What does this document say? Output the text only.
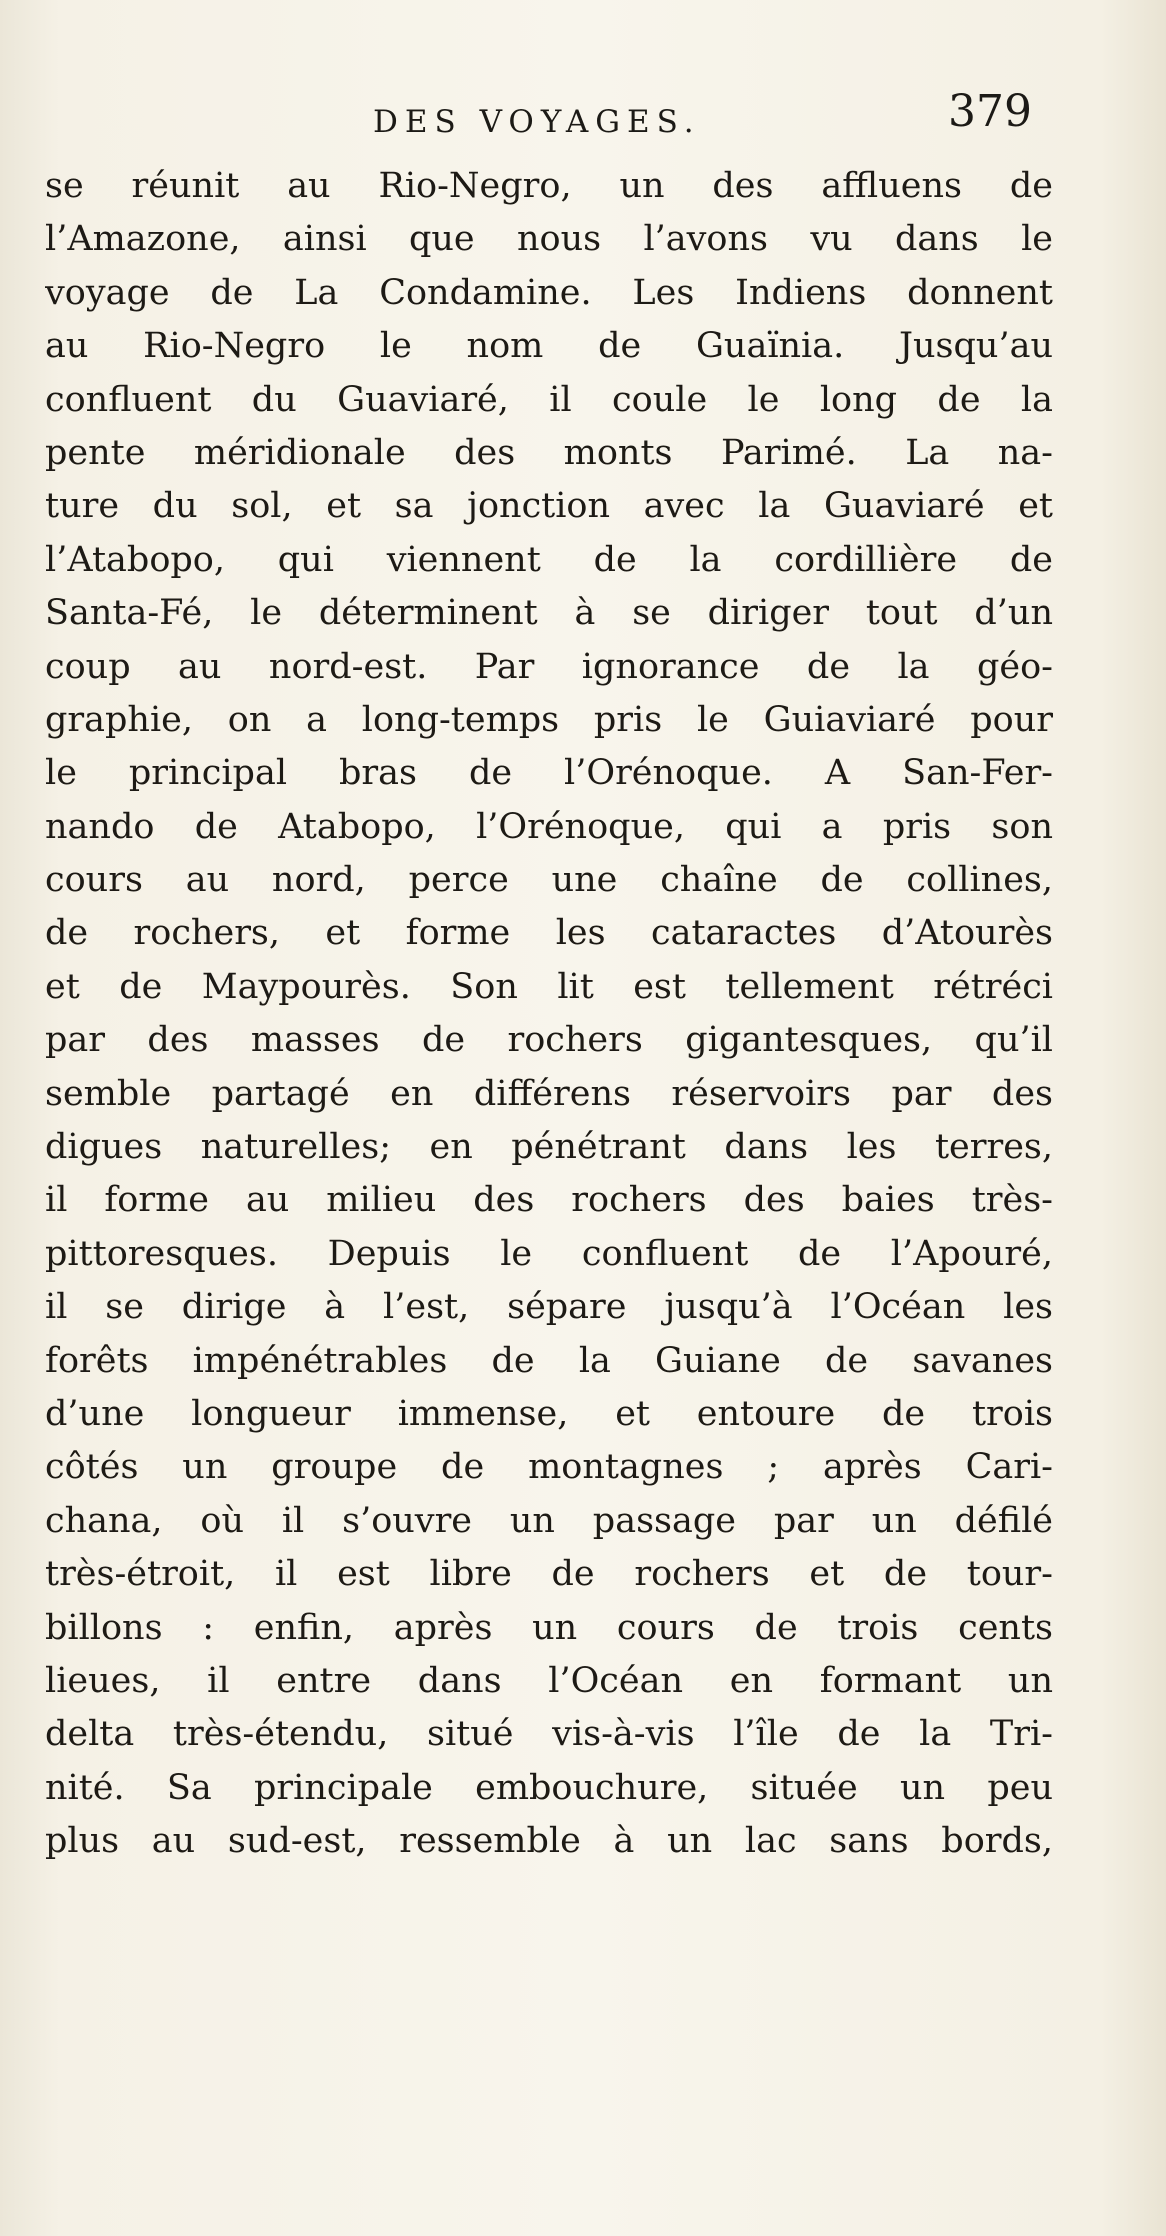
DES VOYAGES.	379
se réunit au Rio-Negro, un des affluens de
l’Amazone, ainsi que nous l’avons vu dans le
voyage de La Condamine. Les Indiens donnent
au Rio-Negro le nom de Guaïnia. Jusqu’au
confluent du Guaviaré, il coule le long de la
pente méridionale des monts Parimé. La na-
ture du sol, et sa jonction avec la Guaviaré et
l’Atabopo, qui viennent de la cordillière de
Santa-Fé, le déterminent à se diriger tout d’un
coup au nord-est. Par ignorance de la géo-
graphie, on a long-temps pris le Guiaviaré pour
le principal bras de l’Orénoque. A San-Fer-
nando de Atabopo, l’Orénoque, qui a pris son
cours au nord, perce une chaîne de collines,
de rochers, et forme les cataractes d’Atourès
et de Maypourès. Son lit est tellement rétréci
par des masses de rochers gigantesques, qu’il
semble partagé en différens réservoirs par des
digues naturelles; en pénétrant dans les terres,
il forme au milieu des rochers des baies très-
pittoresques. Depuis le confluent de l’Apouré,
il se dirige à l’est, sépare jusqu’à l’Océan les
forêts impénétrables de la Guiane de savanes
d’une longueur immense, et entoure de trois
côtés un groupe de montagnes ; après Cari-
chana, où il s’ouvre un passage par un défilé
très-étroit, il est libre de rochers et de tour-
billons : enfin, après un cours de trois cents
lieues, il entre dans l’Océan en formant un
delta très-étendu, situé vis-à-vis l’île de la Tri-
nité. Sa principale embouchure, située un peu
plus au sud-est, ressemble à un lac sans bords,
